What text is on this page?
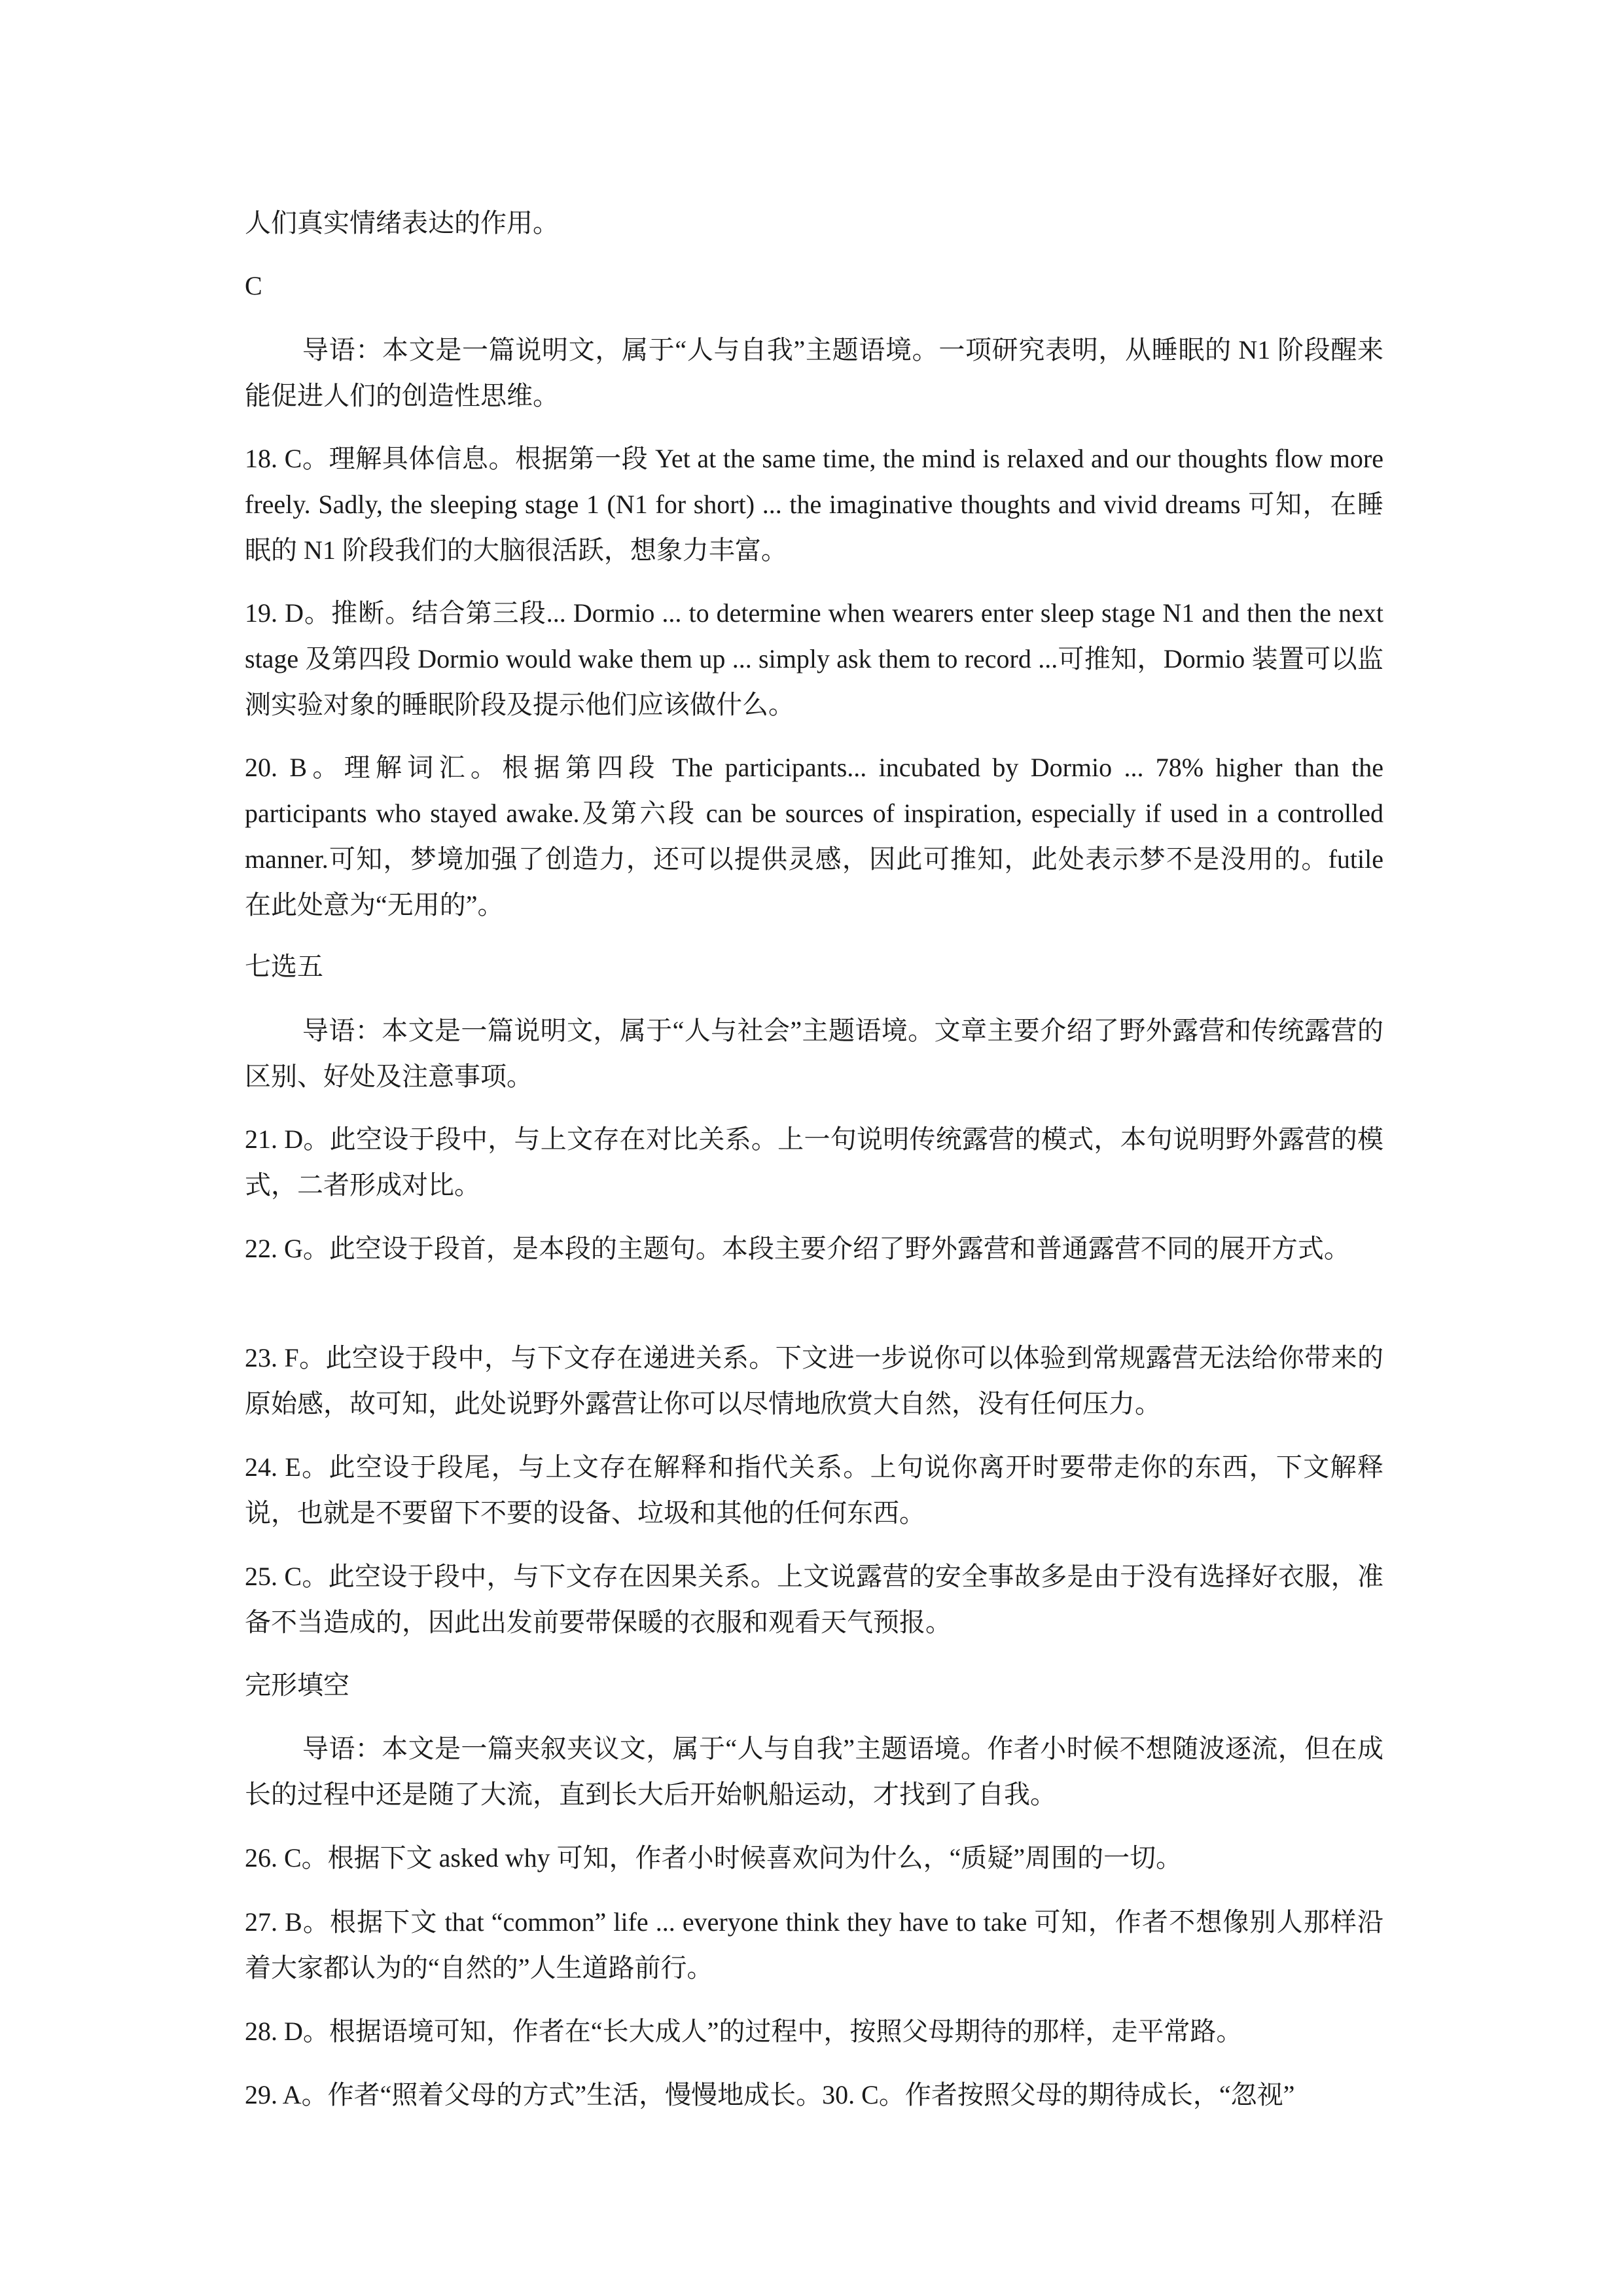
人们真实情绪表达的作用。

C

导语：本文是一篇说明文，属于“人与自我”主题语境。一项研究表明，从睡眠的 N1 阶段醒来能促进人们的创造性思维。

18. C。理解具体信息。根据第一段 Yet at the same time, the mind is relaxed and our thoughts flow more freely. Sadly, the sleeping stage 1 (N1 for short) ... the imaginative thoughts and vivid dreams 可知，在睡眠的 N1 阶段我们的大脑很活跃，想象力丰富。

19. D。推断。结合第三段... Dormio ... to determine when wearers enter sleep stage N1 and then the next stage 及第四段 Dormio would wake them up ... simply ask them to record ...可推知，Dormio 装置可以监测实验对象的睡眠阶段及提示他们应该做什么。

20. B。理解词汇。根据第四段 The participants... incubated by Dormio ... 78% higher than the participants who stayed awake.及第六段 can be sources of inspiration, especially if used in a controlled manner.可知，梦境加强了创造力，还可以提供灵感，因此可推知，此处表示梦不是没用的。futile 在此处意为“无用的”。

七选五

导语：本文是一篇说明文，属于“人与社会”主题语境。文章主要介绍了野外露营和传统露营的区别、好处及注意事项。

21. D。此空设于段中，与上文存在对比关系。上一句说明传统露营的模式，本句说明野外露营的模式，二者形成对比。

22. G。此空设于段首，是本段的主题句。本段主要介绍了野外露营和普通露营不同的展开方式。

23. F。此空设于段中，与下文存在递进关系。下文进一步说你可以体验到常规露营无法给你带来的原始感，故可知，此处说野外露营让你可以尽情地欣赏大自然，没有任何压力。

24. E。此空设于段尾，与上文存在解释和指代关系。上句说你离开时要带走你的东西，下文解释说，也就是不要留下不要的设备、垃圾和其他的任何东西。

25. C。此空设于段中，与下文存在因果关系。上文说露营的安全事故多是由于没有选择好衣服，准备不当造成的，因此出发前要带保暖的衣服和观看天气预报。

完形填空

导语：本文是一篇夹叙夹议文，属于“人与自我”主题语境。作者小时候不想随波逐流，但在成长的过程中还是随了大流，直到长大后开始帆船运动，才找到了自我。

26. C。根据下文 asked why 可知，作者小时候喜欢问为什么，“质疑”周围的一切。

27. B。根据下文 that “common” life ... everyone think they have to take 可知，作者不想像别人那样沿着大家都认为的“自然的”人生道路前行。

28. D。根据语境可知，作者在“长大成人”的过程中，按照父母期待的那样，走平常路。

29. A。作者“照着父母的方式”生活，慢慢地成长。30. C。作者按照父母的期待成长，“忽视”
